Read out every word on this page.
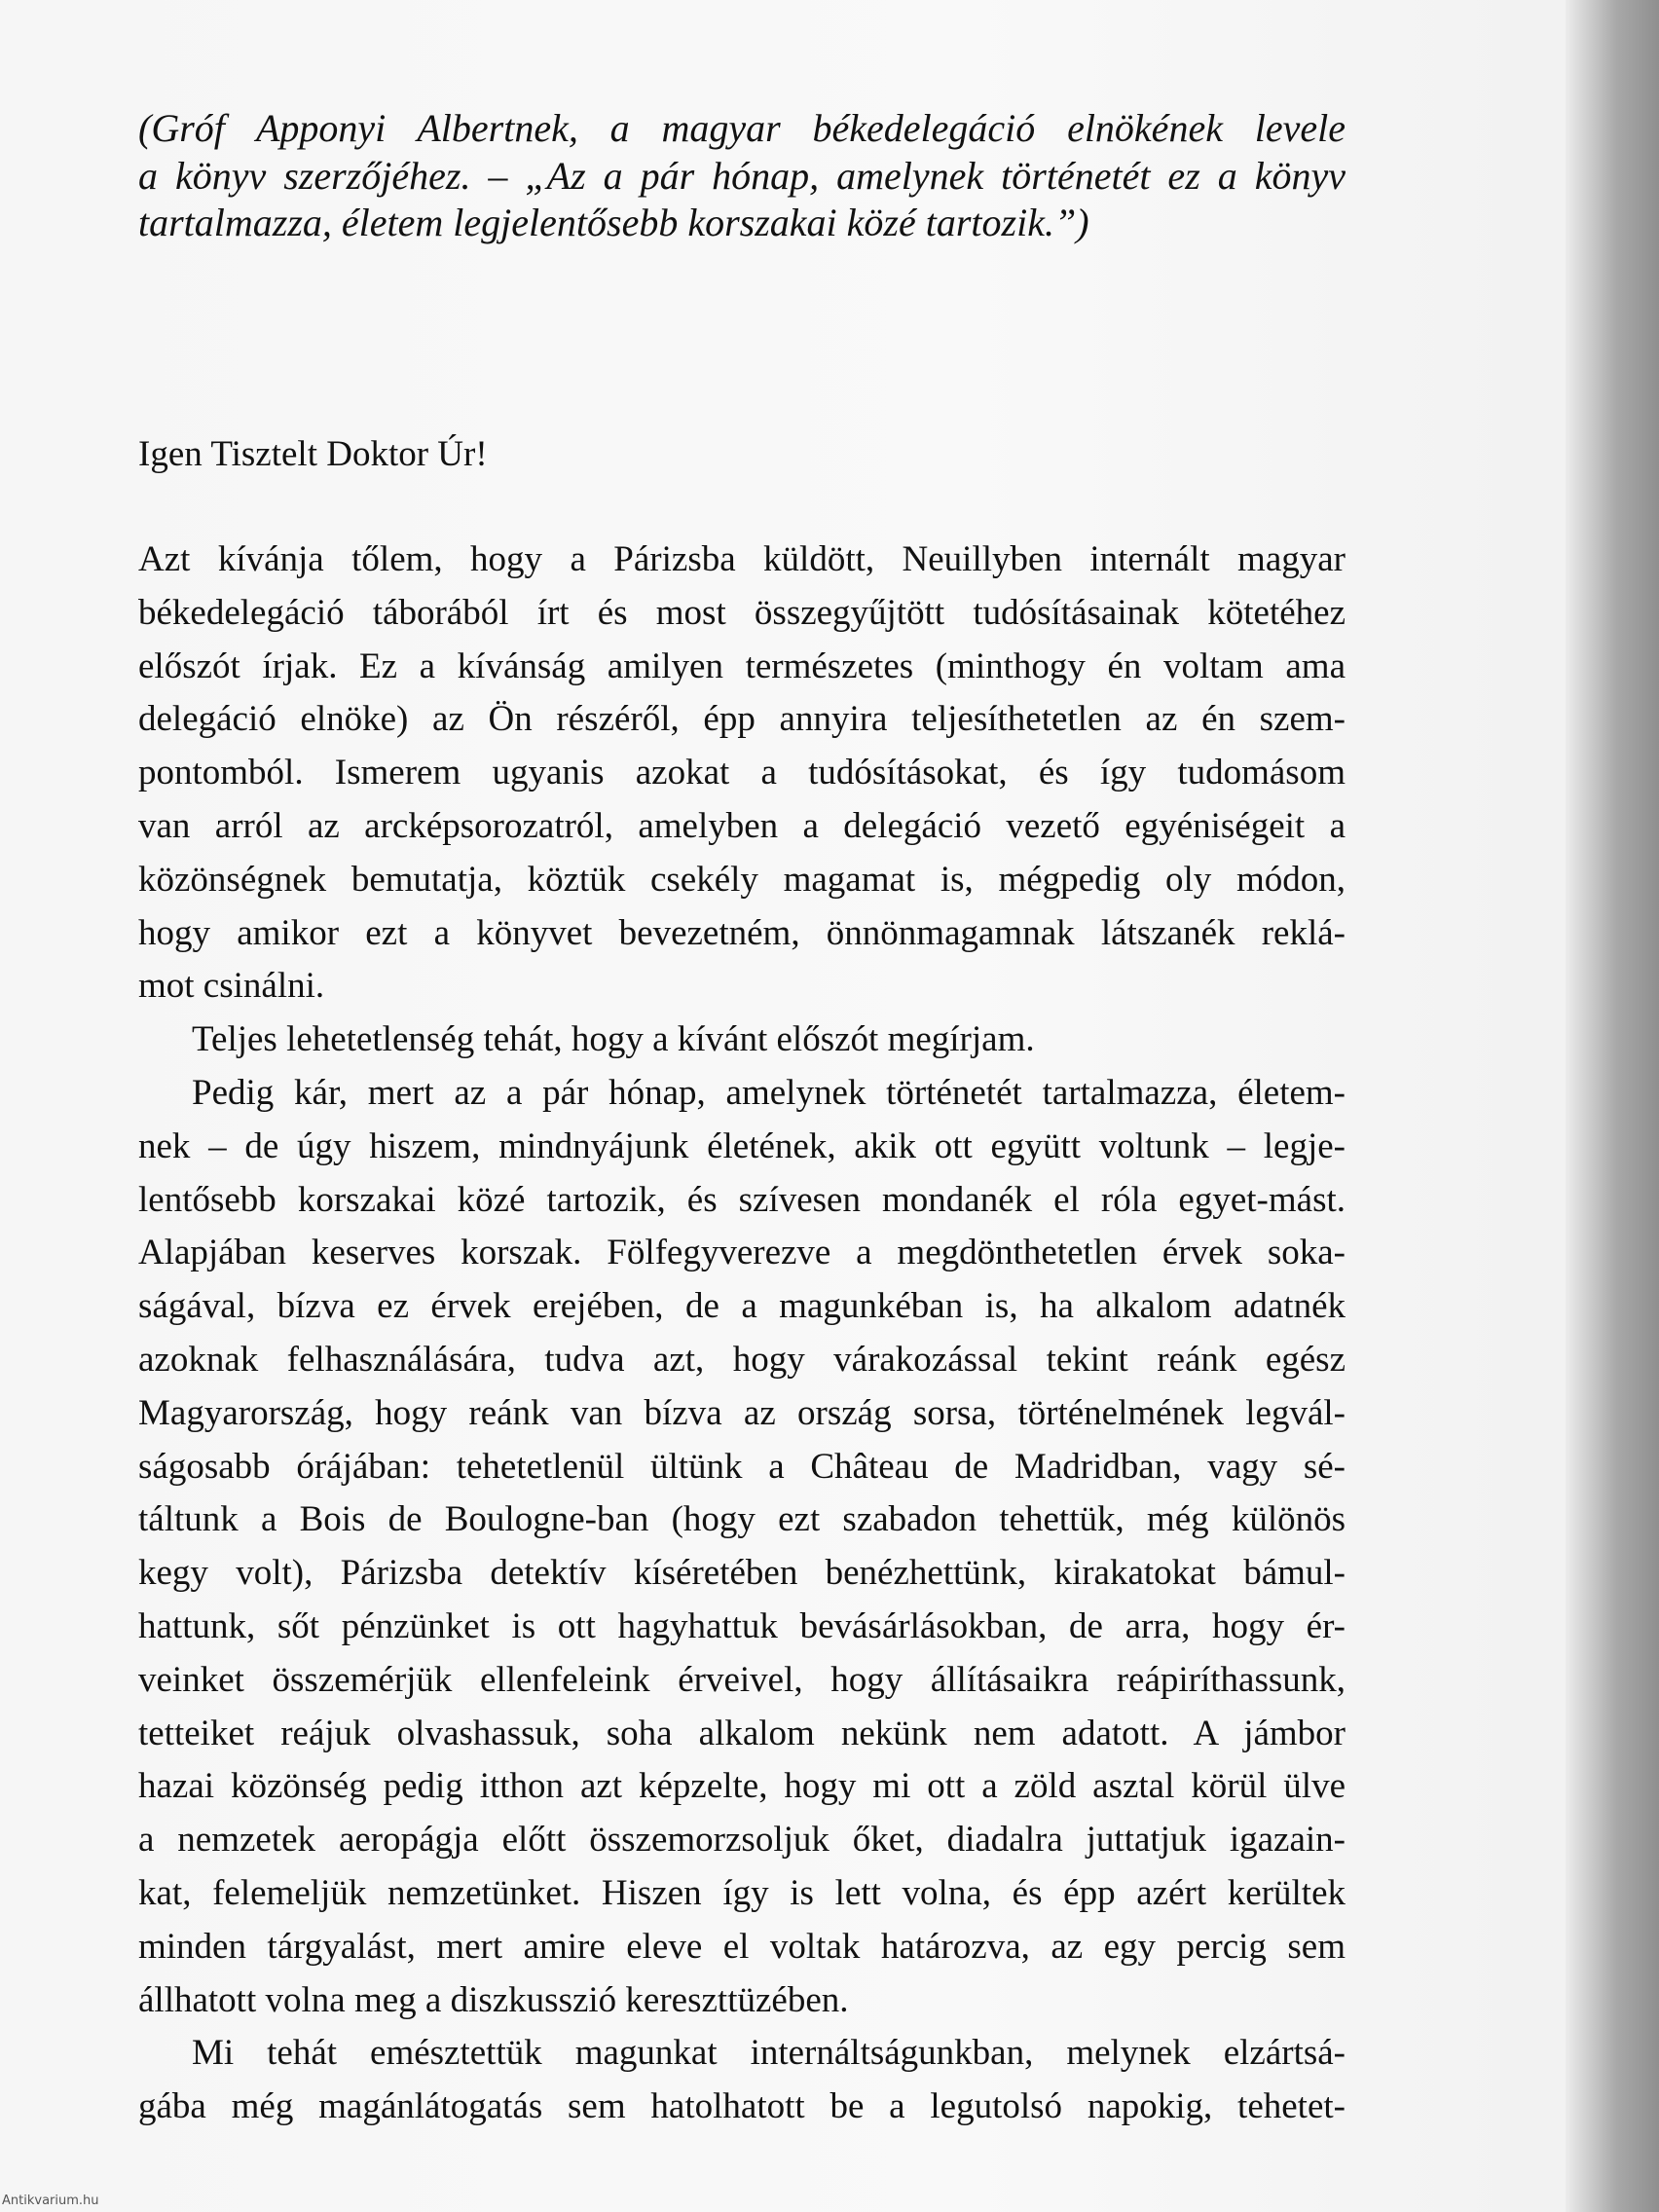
(Gróf Apponyi Albertnek, a magyar békedelegáció elnökének levele
a könyv szerzőjéhez. – „Az a pár hónap, amelynek történetét ez a könyv
tartalmazza, életem legjelentősebb korszakai közé tartozik.”)
Igen Tisztelt Doktor Úr!
Azt kívánja tőlem, hogy a Párizsba küldött, Neuillyben internált magyar
békedelegáció táborából írt és most összegyűjtött tudósításainak kötetéhez
előszót írjak. Ez a kívánság amilyen természetes (minthogy én voltam ama
delegáció elnöke) az Ön részéről, épp annyira teljesíthetetlen az én szem-
pontomból. Ismerem ugyanis azokat a tudósításokat, és így tudomásom
van arról az arcképsorozatról, amelyben a delegáció vezető egyéniségeit a
közönségnek bemutatja, köztük csekély magamat is, mégpedig oly módon,
hogy amikor ezt a könyvet bevezetném, önnönmagamnak látszanék reklá-
mot csinálni.
Teljes lehetetlenség tehát, hogy a kívánt előszót megírjam.
Pedig kár, mert az a pár hónap, amelynek történetét tartalmazza, életem-
nek – de úgy hiszem, mindnyájunk életének, akik ott együtt voltunk – legje-
lentősebb korszakai közé tartozik, és szívesen mondanék el róla egyet-mást.
Alapjában keserves korszak. Fölfegyverezve a megdönthetetlen érvek soka-
ságával, bízva ez érvek erejében, de a magunkéban is, ha alkalom adatnék
azoknak felhasználására, tudva azt, hogy várakozással tekint reánk egész
Magyarország, hogy reánk van bízva az ország sorsa, történelmének legvál-
ságosabb órájában: tehetetlenül ültünk a Château de Madridban, vagy sé-
táltunk a Bois de Boulogne-ban (hogy ezt szabadon tehettük, még különös
kegy volt), Párizsba detektív kíséretében benézhettünk, kirakatokat bámul-
hattunk, sőt pénzünket is ott hagyhattuk bevásárlásokban, de arra, hogy ér-
veinket összemérjük ellenfeleink érveivel, hogy állításaikra reápiríthassunk,
tetteiket reájuk olvashassuk, soha alkalom nekünk nem adatott. A jámbor
hazai közönség pedig itthon azt képzelte, hogy mi ott a zöld asztal körül ülve
a nemzetek aeropágja előtt összemorzsoljuk őket, diadalra juttatjuk igazain-
kat, felemeljük nemzetünket. Hiszen így is lett volna, és épp azért kerültek
minden tárgyalást, mert amire eleve el voltak határozva, az egy percig sem
állhatott volna meg a diszkusszió kereszttüzében.
Mi tehát emésztettük magunkat internáltságunkban, melynek elzártsá-
gába még magánlátogatás sem hatolhatott be a legutolsó napokig, tehetet-
Antikvarium.hu
